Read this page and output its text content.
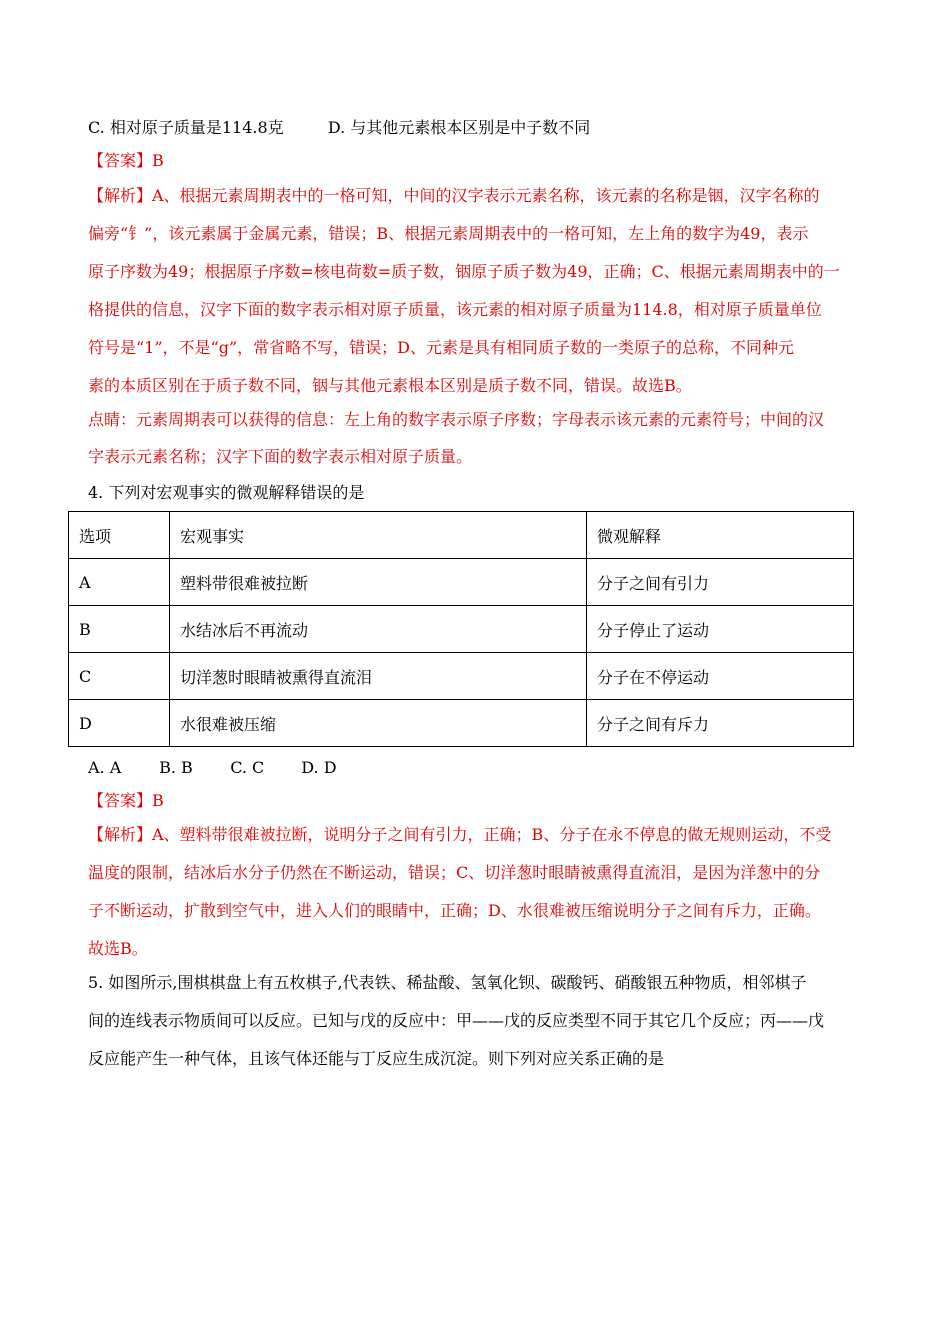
C. 相对原子质量是114.8克	D. 与其他元素根本区别是中子数不同
【答案】B
【解析】A、根据元素周期表中的一格可知，中间的汉字表示元素名称，该元素的名称是铟，汉字名称的
偏旁“钅”，该元素属于金属元素，错误；B、根据元素周期表中的一格可知，左上角的数字为49，表示
原子序数为49；根据原子序数=核电荷数=质子数，铟原子质子数为49，正确；C、根据元素周期表中的一
格提供的信息，汉字下面的数字表示相对原子质量，该元素的相对原子质量为114.8，相对原子质量单位
符号是“1”，不是“g”，常省略不写，错误；D、元素是具有相同质子数的一类原子的总称，不同种元
素的本质区别在于质子数不同，铟与其他元素根本区别是质子数不同，错误。故选B。
点睛：元素周期表可以获得的信息：左上角的数字表示原子序数；字母表示该元素的元素符号；中间的汉
字表示元素名称；汉字下面的数字表示相对原子质量。
4. 下列对宏观事实的微观解释错误的是
选项	宏观事实	微观解释
A	塑料带很难被拉断	分子之间有引力
B	水结冰后不再流动	分子停止了运动
C	切洋葱时眼睛被熏得直流泪	分子在不停运动
D	水很难被压缩	分子之间有斥力
A. A B. B C. C D. D
【答案】B
【解析】A、塑料带很难被拉断，说明分子之间有引力，正确；B、分子在永不停息的做无规则运动，不受
温度的限制，结冰后水分子仍然在不断运动，错误；C、切洋葱时眼睛被熏得直流泪，是因为洋葱中的分
子不断运动，扩散到空气中，进入人们的眼睛中，正确；D、水很难被压缩说明分子之间有斥力，正确。
故选B。
5. 如图所示,围棋棋盘上有五枚棋子,代表铁、稀盐酸、氢氧化钡、碳酸钙、硝酸银五种物质，相邻棋子
间的连线表示物质间可以反应。已知与戊的反应中：甲——戊的反应类型不同于其它几个反应；丙——戊
反应能产生一种气体，且该气体还能与丁反应生成沉淀。则下列对应关系正确的是
